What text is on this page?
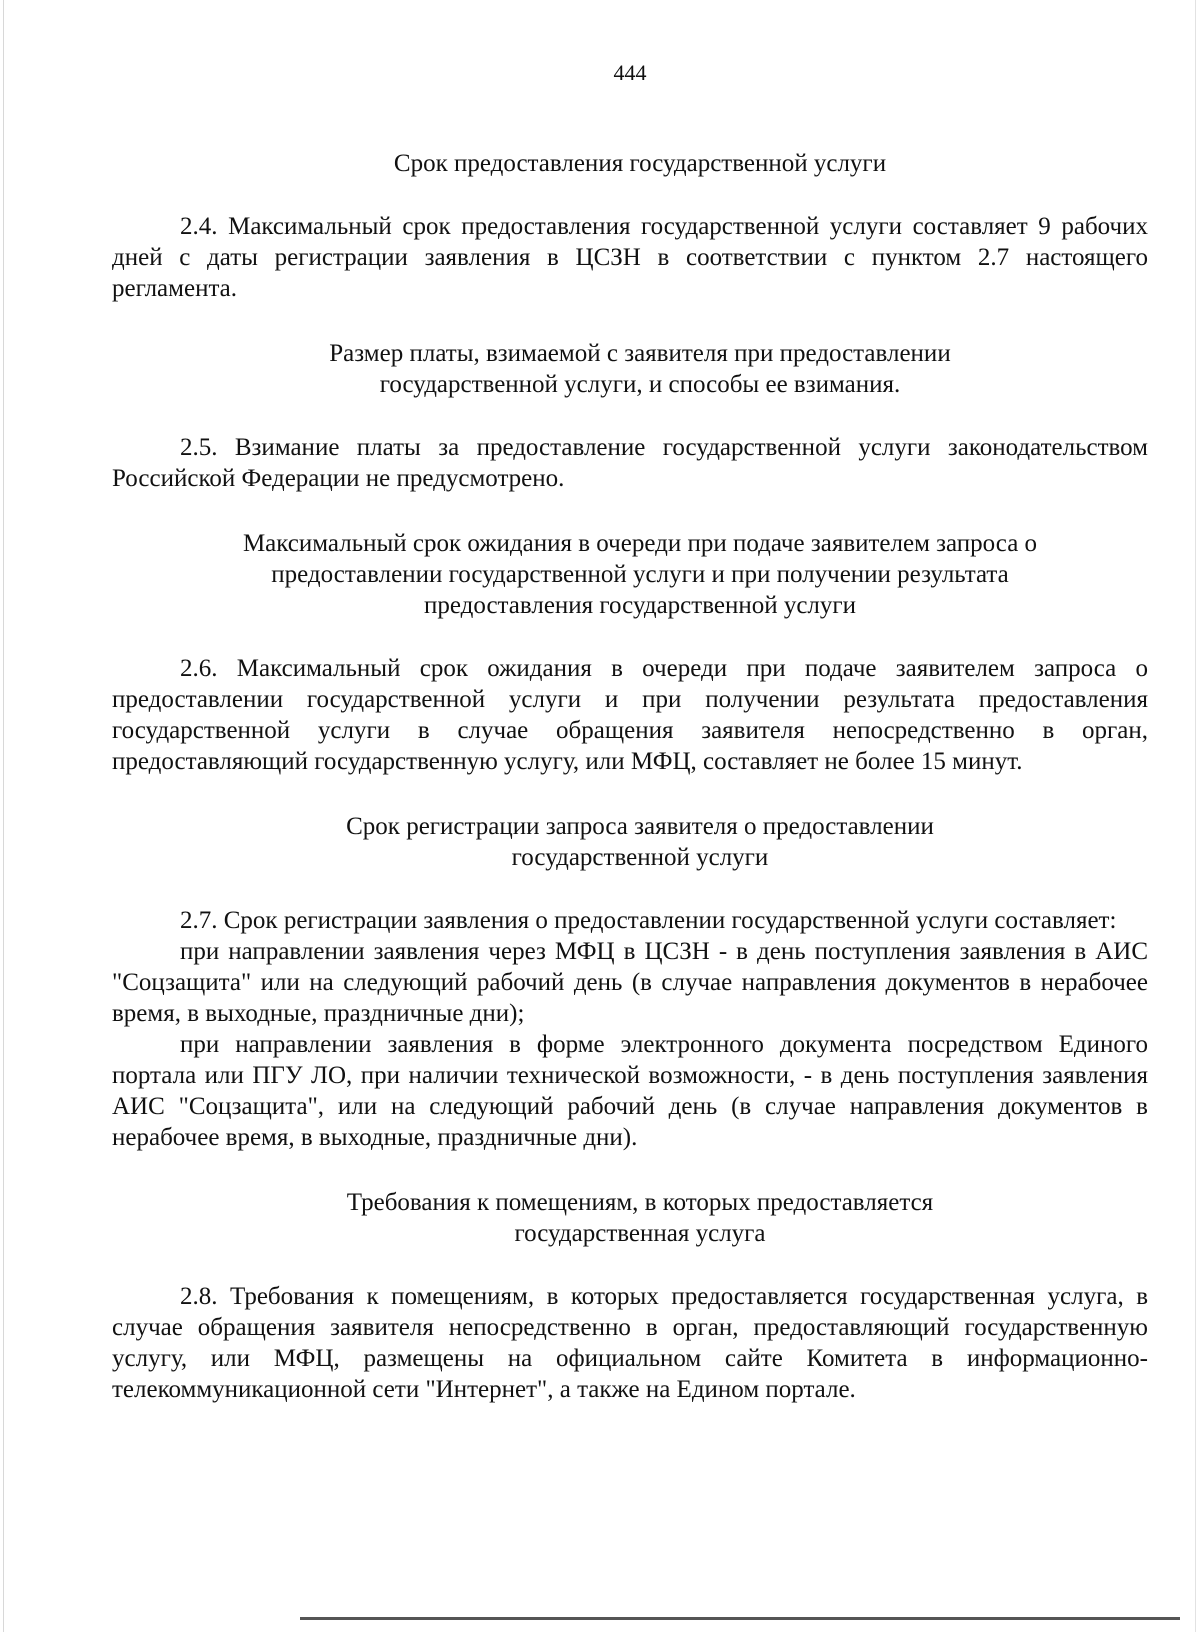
444
Срок предоставления государственной услуги

2.4. Максимальный срок предоставления государственной услуги составляет 9 рабочих дней с даты регистрации заявления в ЦСЗН в соответствии с пунктом 2.7 настоящего регламента.

Размер платы, взимаемой с заявителя при предоставлении
государственной услуги, и способы ее взимания.

2.5. Взимание платы за предоставление государственной услуги законодательством Российской Федерации не предусмотрено.

Максимальный срок ожидания в очереди при подаче заявителем запроса о
предоставлении государственной услуги и при получении результата
предоставления государственной услуги

2.6. Максимальный срок ожидания в очереди при подаче заявителем запроса о предоставлении государственной услуги и при получении результата предоставления государственной услуги в случае обращения заявителя непосредственно в орган, предоставляющий государственную услугу, или МФЦ, составляет не более 15 минут.

Срок регистрации запроса заявителя о предоставлении
государственной услуги

2.7. Срок регистрации заявления о предоставлении государственной услуги составляет:

при направлении заявления через МФЦ в ЦСЗН - в день поступления заявления в АИС "Соцзащита" или на следующий рабочий день (в случае направления документов в нерабочее время, в выходные, праздничные дни);

при направлении заявления в форме электронного документа посредством Единого портала или ПГУ ЛО, при наличии технической возможности, - в день поступления заявления АИС "Соцзащита", или на следующий рабочий день (в случае направления документов в нерабочее время, в выходные, праздничные дни).

Требования к помещениям, в которых предоставляется
государственная услуга

2.8. Требования к помещениям, в которых предоставляется государственная услуга, в случае обращения заявителя непосредственно в орган, предоставляющий государственную услугу, или МФЦ, размещены на официальном сайте Комитета в информационно-телекоммуникационной сети "Интернет", а также на Едином портале.
